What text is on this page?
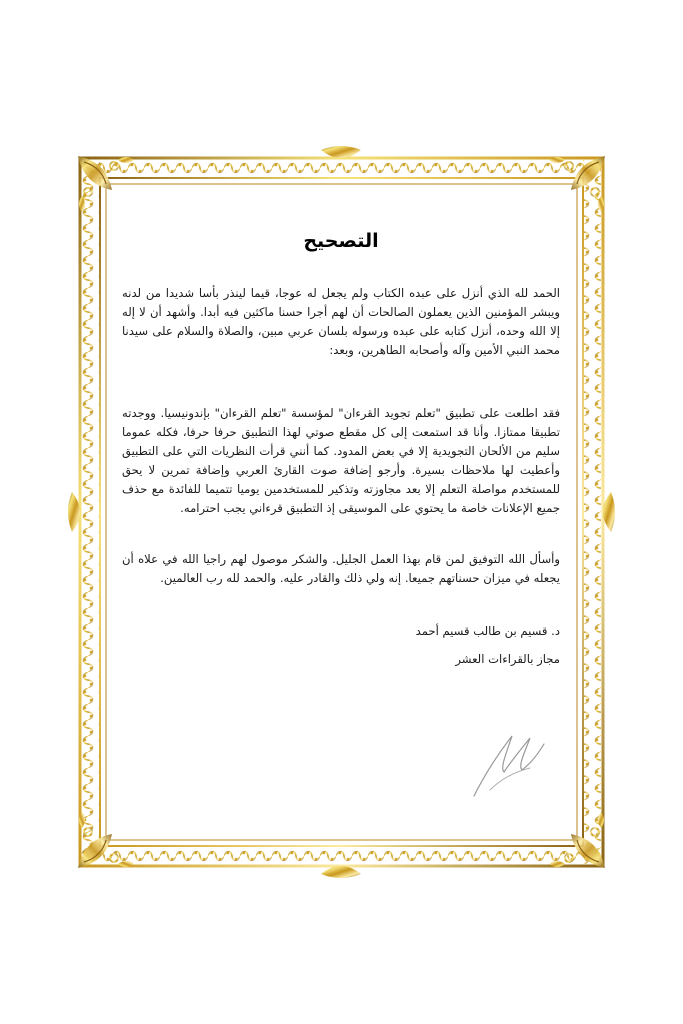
التصحيح

الحمد لله الذي أنزل على عبده الكتاب ولم يجعل له عوجا، قيما لينذر بأسا شديدا من لدنه ويبشر المؤمنين الذين يعملون الصالحات أن لهم أجرا حسنا ماكثين فيه أبدا. وأشهد أن لا إله إلا الله وحده، أنزل كتابه على عبده ورسوله بلسان عربي مبين، والصلاة والسلام على سيدنا محمد النبي الأمين وآله وأصحابه الطاهرين، وبعد:

فقد اطلعت على تطبيق "تعلم تجويد القرءان" لمؤسسة "تعلم القرءان" بإندونيسيا. ووجدته تطبيقا ممتازا. وأنا قد استمعت إلى كل مقطع صوتي لهذا التطبيق حرفا حرفا، فكله عموما سليم من الألحان التجويدية إلا في بعض المدود. كما أنني قرأت النظريات التي على التطبيق وأعطيت لها ملاحظات بسيرة. وأرجو إضافة صوت القارئ العربي وإضافة تمرين لا يحق للمستخدم مواصلة التعلم إلا بعد مجاوزته وتذكير للمستخدمين يوميا تتميما للفائدة مع حذف جميع الإعلانات خاصة ما يحتوي على الموسيقى إذ التطبيق قرءاني يجب احترامه.

وأسأل الله التوفيق لمن قام بهذا العمل الجليل. والشكر موصول لهم راجيا الله في علاه أن يجعله في ميزان حسناتهم جميعا. إنه ولي ذلك والقادر عليه. والحمد لله رب العالمين.

د. قسيم بن طالب قسيم أحمد

مجاز بالقراءات العشر
